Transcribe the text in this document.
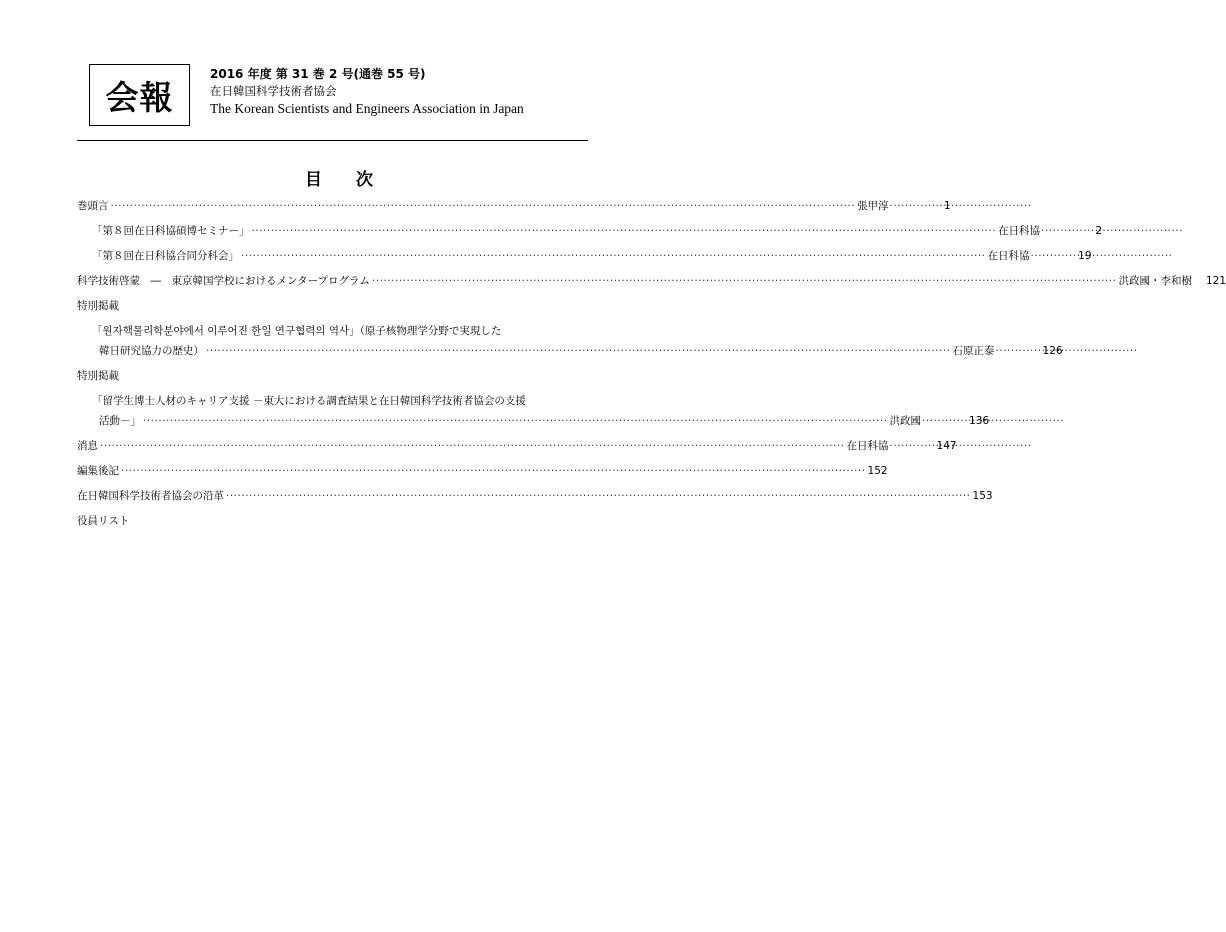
会報
2016 年度 第 31 巻 2 号(通巻 55 号)
在日韓国科学技術者協会
The Korean Scientists and Engineers Association in Japan
目次
巻頭言 ·····	張甲淳 ·····	1
「第８回在日科協碩博セミナー」 ·····	在日科協 ·····	2
「第８回在日科協合同分科会」 ·····	在日科協 ·····	19
科学技術啓蒙　―　東京韓国学校におけるメンタープログラム ·····	洪政國・李和樹 121
特別掲載
「원자핵물리학분야에서 이루어진 한일 연구협력의 역사」（原子核物理学分野で実現した
韓日研究協力の歴史） ·····	石原正泰 ·····	126
特別掲載
「留学生博士人材のキャリア支援 －東大における調査結果と在日韓国科学技術者協会の支援
活動－」 ·····	洪政國 ·····	136
消息 ·····	在日科協 ·····	147
編集後記 ·····	152
在日韓国科学技術者協会の沿革 ·····	153
役員リスト
